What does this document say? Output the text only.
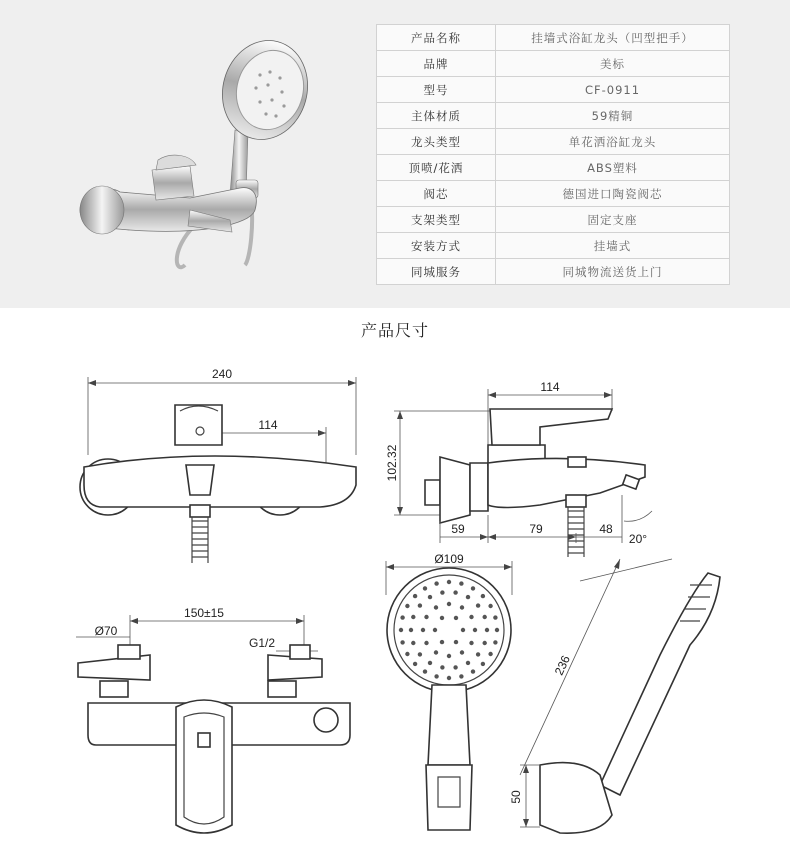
产品名称	挂墙式浴缸龙头（凹型把手）
品牌	美标
型号	CF-0911
主体材质	59精铜
龙头类型	单花洒浴缸龙头
顶喷/花洒	ABS塑料
阀芯	德国进口陶瓷阀芯
支架类型	固定支座
安装方式	挂墙式
同城服务	同城物流送货上门
产品尺寸
240
114
114
102.32
59	79	48
20°
Ø70
150±15
G1/2
Ø109
236
50
